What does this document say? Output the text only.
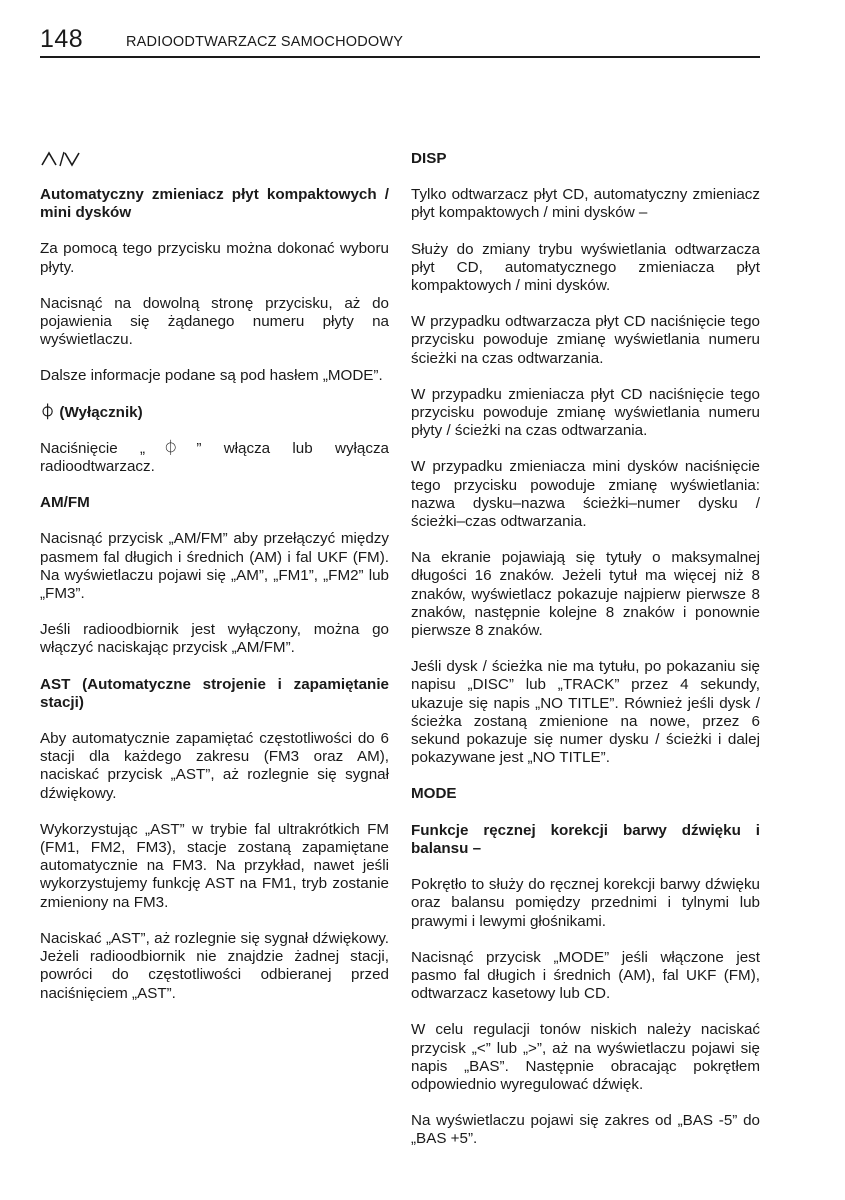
148	RADIOODTWARZACZ SAMOCHODOWY

Automatyczny zmieniacz płyt kompaktowych / mini dysków

Za pomocą tego przycisku można dokonać wyboru płyty.

Nacisnąć na dowolną stronę przycisku, aż do pojawienia się żądanego numeru płyty na wyświetlaczu.

Dalsze informacje podane są pod hasłem „MODE”.

⏀ (Wyłącznik)

Naciśnięcie „⏀” włącza lub wyłącza radioodtwarzacz.

AM/FM

Nacisnąć przycisk „AM/FM” aby przełączyć między pasmem fal długich i średnich (AM) i fal UKF (FM). Na wyświetlaczu pojawi się „AM”, „FM1”, „FM2” lub „FM3”.

Jeśli radioodbiornik jest wyłączony, można go włączyć naciskając przycisk „AM/FM”.

AST (Automatyczne strojenie i zapamiętanie stacji)

Aby automatycznie zapamiętać częstotliwości do 6 stacji dla każdego zakresu (FM3 oraz AM), naciskać przycisk „AST”, aż rozlegnie się sygnał dźwiękowy.

Wykorzystując „AST” w trybie fal ultrakrótkich FM (FM1, FM2, FM3), stacje zostaną zapamiętane automatycznie na FM3. Na przykład, nawet jeśli wykorzystujemy funkcję AST na FM1, tryb zostanie zmieniony na FM3.

Naciskać „AST”, aż rozlegnie się sygnał dźwiękowy. Jeżeli radioodbiornik nie znajdzie żadnej stacji, powróci do częstotliwości odbieranej przed naciśnięciem „AST”.

DISP

Tylko odtwarzacz płyt CD, automatyczny zmieniacz płyt kompaktowych / mini dysków –

Służy do zmiany trybu wyświetlania odtwarzacza płyt CD, automatycznego zmieniacza płyt kompaktowych / mini dysków.

W przypadku odtwarzacza płyt CD naciśnięcie tego przycisku powoduje zmianę wyświetlania numeru ścieżki na czas odtwarzania.

W przypadku zmieniacza płyt CD naciśnięcie tego przycisku powoduje zmianę wyświetlania numeru płyty / ścieżki na czas odtwarzania.

W przypadku zmieniacza mini dysków naciśnięcie tego przycisku powoduje zmianę wyświetlania: nazwa dysku–nazwa ścieżki–numer dysku / ścieżki–czas odtwarzania.

Na ekranie pojawiają się tytuły o maksymalnej długości 16 znaków. Jeżeli tytuł ma więcej niż 8 znaków, wyświetlacz pokazuje najpierw pierwsze 8 znaków, następnie kolejne 8 znaków i ponownie pierwsze 8 znaków.

Jeśli dysk / ścieżka nie ma tytułu, po pokazaniu się napisu „DISC” lub „TRACK” przez 4 sekundy, ukazuje się napis „NO TITLE”. Również jeśli dysk / ścieżka zostaną zmienione na nowe, przez 6 sekund pokazuje się numer dysku / ścieżki i dalej pokazywane jest „NO TITLE”.

MODE

Funkcje ręcznej korekcji barwy dźwięku i balansu –

Pokrętło to służy do ręcznej korekcji barwy dźwięku oraz balansu pomiędzy przednimi i tylnymi lub prawymi i lewymi głośnikami.

Nacisnąć przycisk „MODE” jeśli włączone jest pasmo fal długich i średnich (AM), fal UKF (FM), odtwarzacz kasetowy lub CD.

W celu regulacji tonów niskich należy naciskać przycisk „<” lub „>”, aż na wyświetlaczu pojawi się napis „BAS”. Następnie obracając pokrętłem odpowiednio wyregulować dźwięk.

Na wyświetlaczu pojawi się zakres od „BAS -5” do „BAS +5”.
